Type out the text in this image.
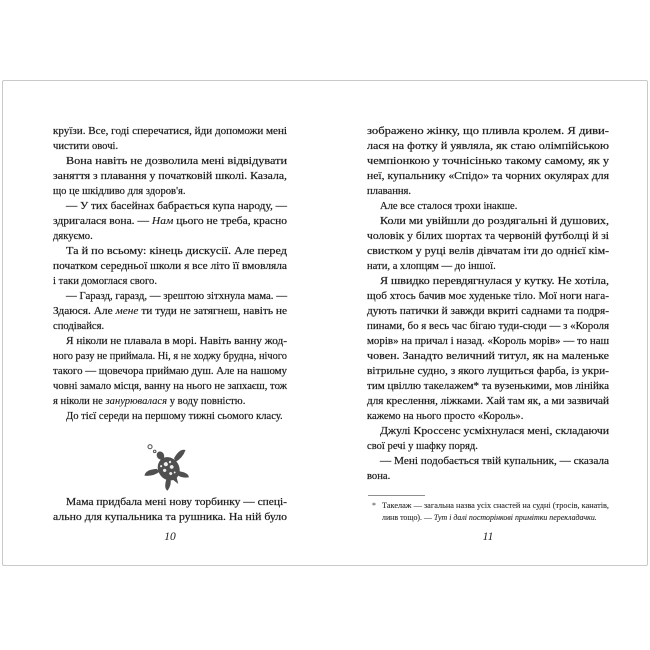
круїзи. Все, годі сперечатися, йди допоможи мені
чистити овочі.
Вона навіть не дозволила мені відвідувати
заняття з плавання у початковій школі. Казала,
що це шкідливо для здоров'я.
— У тих басейнах бабрається купа народу, —
здригалася вона. — Нам цього не треба, красно
дякуємо.
Та й по всьому: кінець дискусії. Але перед
початком середньої школи я все літо її вмовляла
і таки домоглася свого.
— Гаразд, гаразд, — зрештою зітхнула мама. —
Здаюся. Але мене ти туди не затягнеш, навіть не
сподівайся.
Я ніколи не плавала в морі. Навіть ванну жод-
ного разу не приймала. Ні, я не ходжу брудна, нічого
такого — щовечора приймаю душ. Але на нашому
човні замало місця, ванну на нього не запхаєш, тож
я ніколи не занурювалася у воду повністю.
До тієї середи на першому тижні сьомого класу.
Мама придбала мені нову торбинку — спеці-
ально для купальника та рушника. На ній було
10
зображено жінку, що пливла кролем. Я диви-
лася на фотку й уявляла, як стаю олімпійською
чемпіонкою у точнісінько такому самому, як у
неї, купальнику «Спідо» та чорних окулярах для
плавання.
Але все сталося трохи інакше.
Коли ми увійшли до роздягальні й душових,
чоловік у білих шортах та червоній футболці й зі
свистком у руці велів дівчатам іти до однієї кім-
нати, а хлопцям — до іншої.
Я швидко перевдягнулася у кутку. Не хотіла,
щоб хтось бачив моє худеньке тіло. Мої ноги нага-
дують патички й завжди вкриті саднами та подря-
пинами, бо я весь час бігаю туди-сюди — з «Короля
морів» на причал і назад. «Король морів» — то наш
човен. Занадто величний титул, як на маленьке
вітрильне судно, з якого лущиться фарба, із укри-
тим цвіллю такелажем* та вузенькими, мов лінійка
для креслення, ліжками. Хай там як, а ми зазвичай
кажемо на нього просто «Король».
Джулі Кроссенс усміхнулася мені, складаючи
свої речі у шафку поряд.
— Мені подобається твій купальник, — сказала
вона.
* Такелаж — загальна назва усіх снастей на судні (тросів, канатів,
линв тощо). — Тут і далі посторінкові примітки перекладачки.
11
